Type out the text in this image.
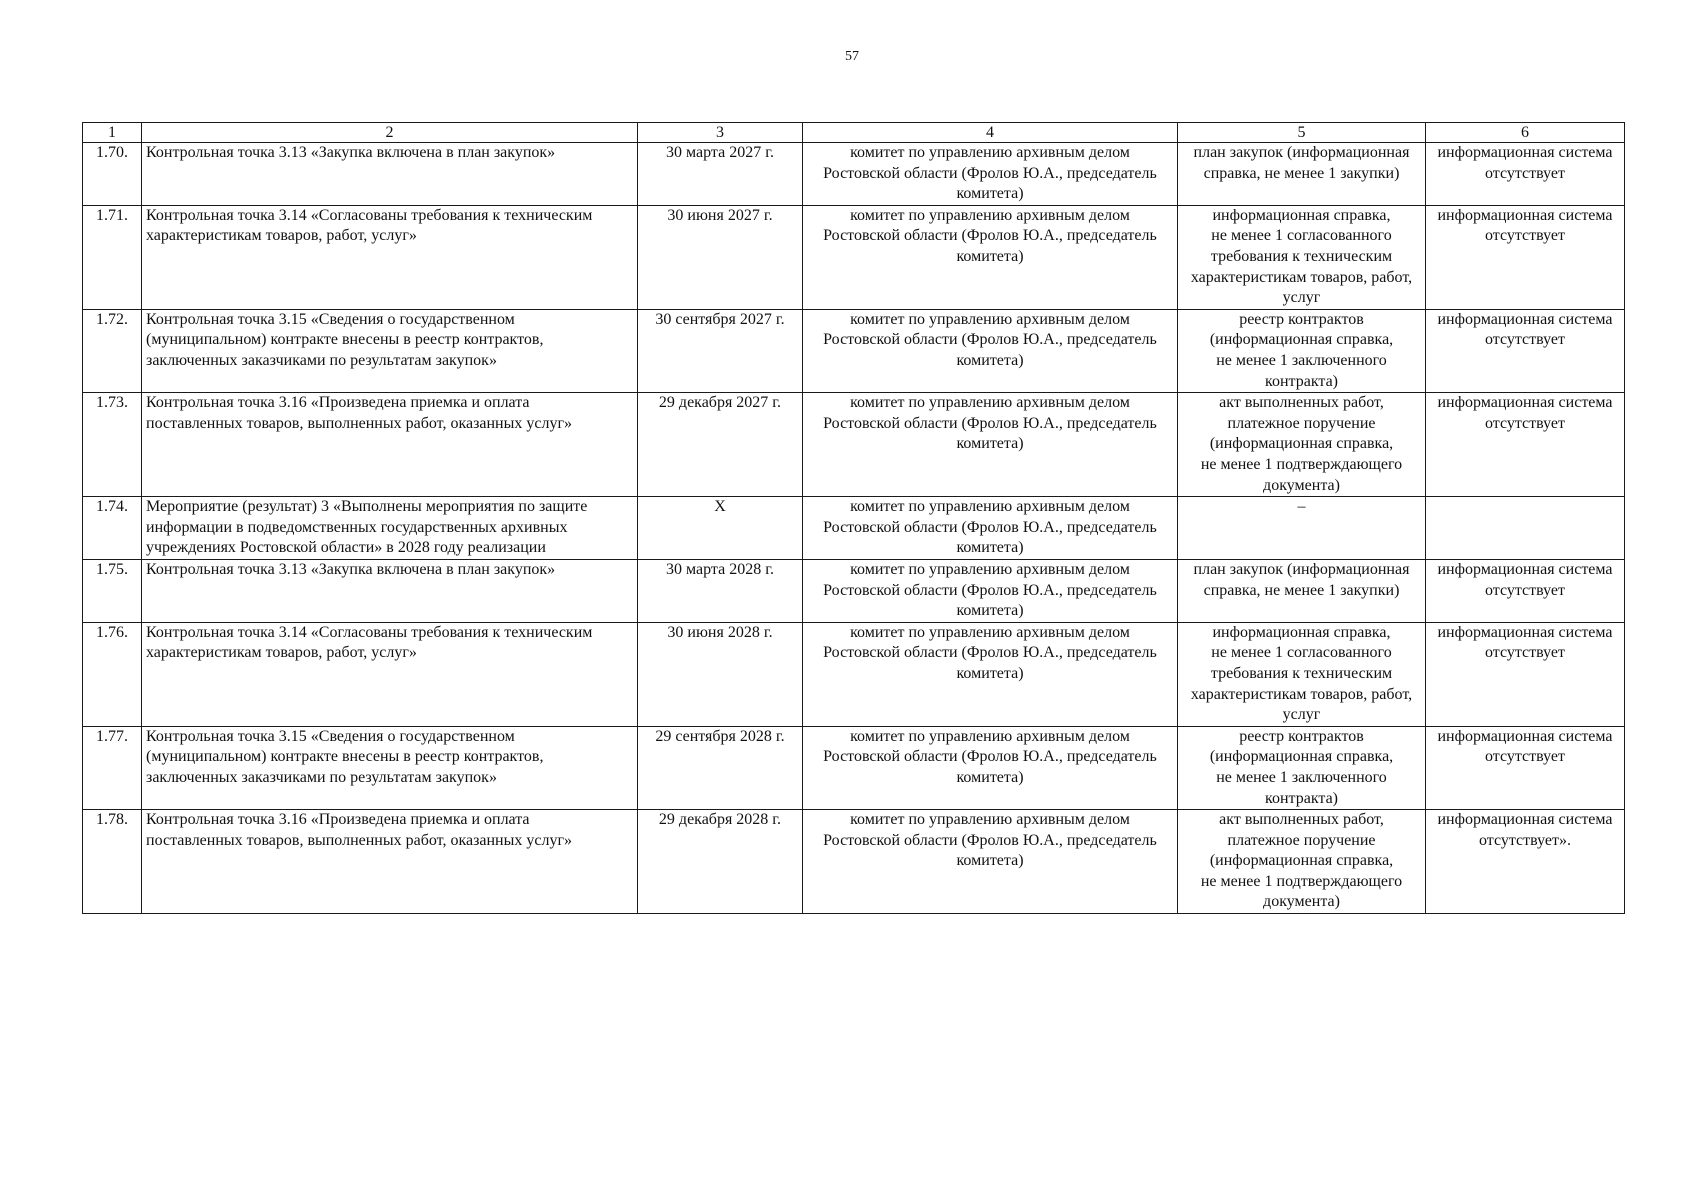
57
1	2	3	4	5	6
1.70.	Контрольная точка 3.13 «Закупка включена в план закупок»	30 марта 2027 г.	комитет по управлению архивным делом
Ростовской области (Фролов Ю.А., председатель
комитета)	план закупок (информационная
справка, не менее 1 закупки)	информационная система
отсутствует
1.71.	Контрольная точка 3.14 «Согласованы требования к техническим
характеристикам товаров, работ, услуг»	30 июня 2027 г.	комитет по управлению архивным делом
Ростовской области (Фролов Ю.А., председатель
комитета)	информационная справка,
не менее 1 согласованного
требования к техническим
характеристикам товаров, работ,
услуг	информационная система
отсутствует
1.72.	Контрольная точка 3.15 «Сведения о государственном
(муниципальном) контракте внесены в реестр контрактов,
заключенных заказчиками по результатам закупок»	30 сентября 2027 г.	комитет по управлению архивным делом
Ростовской области (Фролов Ю.А., председатель
комитета)	реестр контрактов
(информационная справка,
не менее 1 заключенного
контракта)	информационная система
отсутствует
1.73.	Контрольная точка 3.16 «Произведена приемка и оплата
поставленных товаров, выполненных работ, оказанных услуг»	29 декабря 2027 г.	комитет по управлению архивным делом
Ростовской области (Фролов Ю.А., председатель
комитета)	акт выполненных работ,
платежное поручение
(информационная справка,
не менее 1 подтверждающего
документа)	информационная система
отсутствует
1.74.	Мероприятие (результат) 3 «Выполнены мероприятия по защите
информации в подведомственных государственных архивных
учреждениях Ростовской области» в 2028 году реализации	X	комитет по управлению архивным делом
Ростовской области (Фролов Ю.А., председатель
комитета)	–	
1.75.	Контрольная точка 3.13 «Закупка включена в план закупок»	30 марта 2028 г.	комитет по управлению архивным делом
Ростовской области (Фролов Ю.А., председатель
комитета)	план закупок (информационная
справка, не менее 1 закупки)	информационная система
отсутствует
1.76.	Контрольная точка 3.14 «Согласованы требования к техническим
характеристикам товаров, работ, услуг»	30 июня 2028 г.	комитет по управлению архивным делом
Ростовской области (Фролов Ю.А., председатель
комитета)	информационная справка,
не менее 1 согласованного
требования к техническим
характеристикам товаров, работ,
услуг	информационная система
отсутствует
1.77.	Контрольная точка 3.15 «Сведения о государственном
(муниципальном) контракте внесены в реестр контрактов,
заключенных заказчиками по результатам закупок»	29 сентября 2028 г.	комитет по управлению архивным делом
Ростовской области (Фролов Ю.А., председатель
комитета)	реестр контрактов
(информационная справка,
не менее 1 заключенного
контракта)	информационная система
отсутствует
1.78.	Контрольная точка 3.16 «Произведена приемка и оплата
поставленных товаров, выполненных работ, оказанных услуг»	29 декабря 2028 г.	комитет по управлению архивным делом
Ростовской области (Фролов Ю.А., председатель
комитета)	акт выполненных работ,
платежное поручение
(информационная справка,
не менее 1 подтверждающего
документа)	информационная система
отсутствует».
